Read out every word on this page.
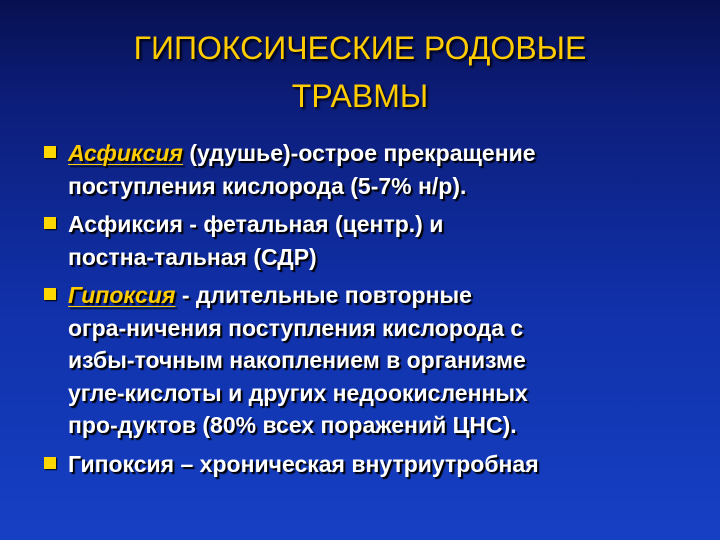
ГИПОКСИЧЕСКИЕ РОДОВЫЕ
ТРАВМЫ
Асфиксия (удушье)-острое прекращение
поступления кислорода (5-7% н/р).
Асфиксия - фетальная (центр.) и
постна-тальная (СДР)
Гипоксия - длительные повторные
огра-ничения поступления кислорода с
избы-точным накоплением в организме
угле-кислоты и других недоокисленных
про-дуктов (80% всех поражений ЦНС).
Гипоксия – хроническая внутриутробная
